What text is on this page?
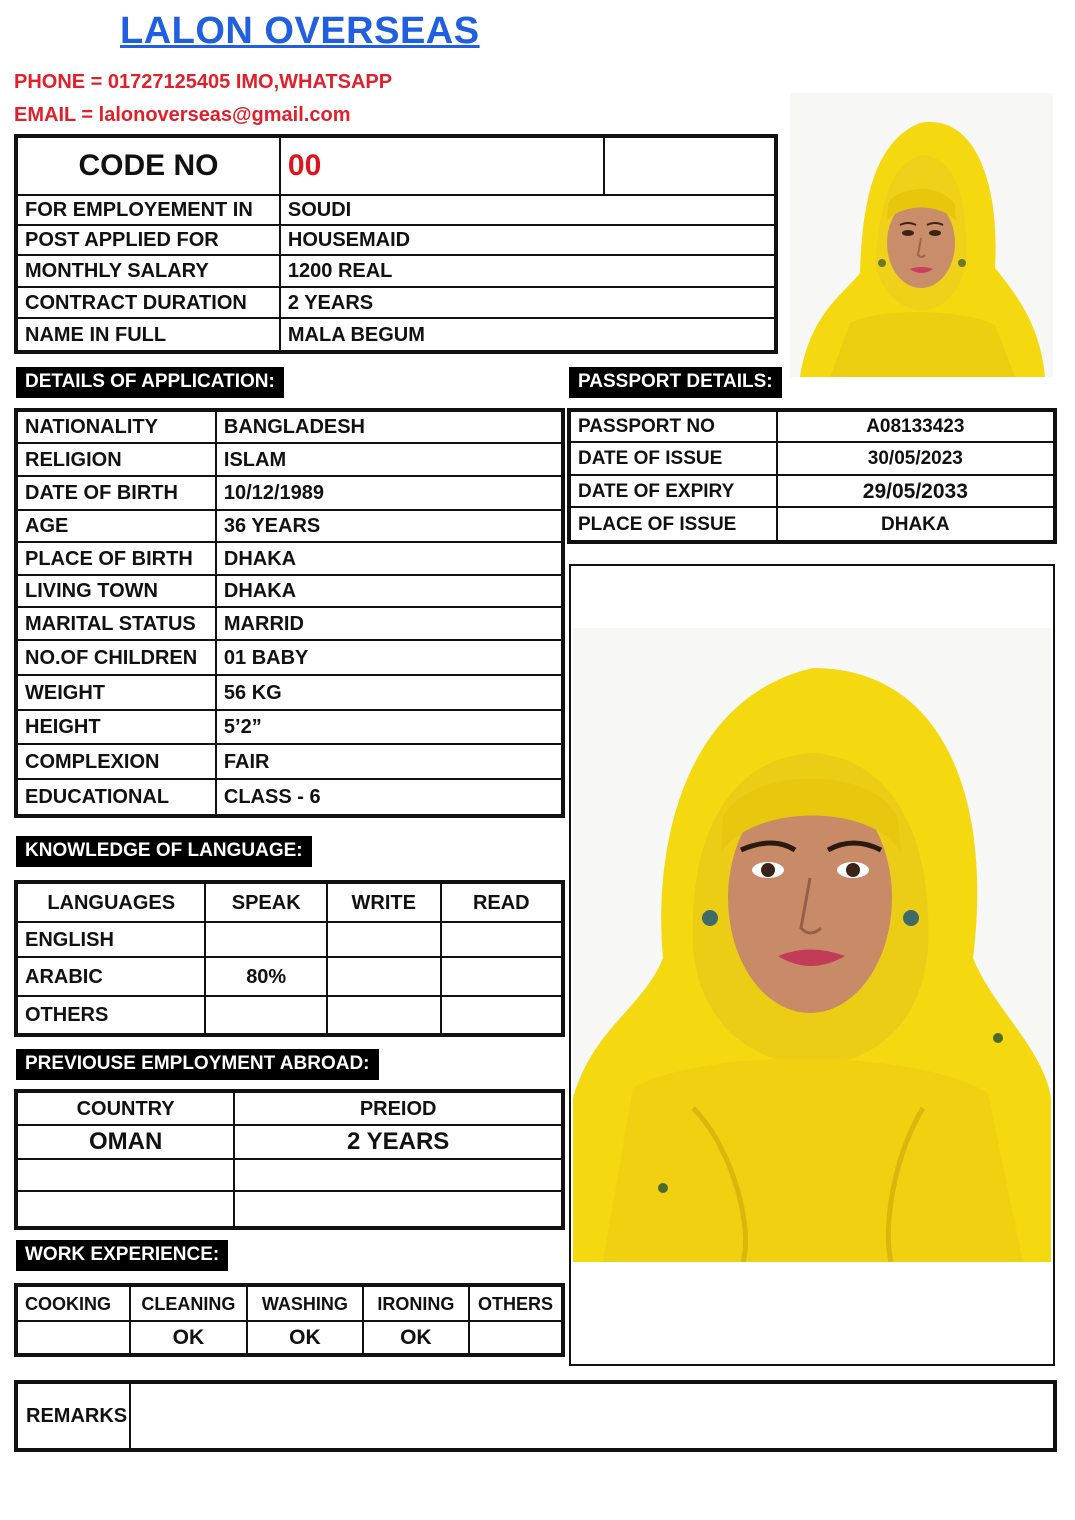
LALON OVERSEAS
PHONE = 01727125405 IMO,WHATSAPP
EMAIL = lalonoverseas@gmail.com
CODE NO	00	
FOR EMPLOYEMENT IN	SOUDI	
POST APPLIED FOR	HOUSEMAID	
MONTHLY SALARY	1200 REAL	
CONTRACT DURATION	2 YEARS	
NAME IN FULL	MALA BEGUM	
DETAILS OF APPLICATION:
NATIONALITY	BANGLADESH
RELIGION	ISLAM
DATE OF BIRTH	10/12/1989
AGE	36 YEARS
PLACE OF BIRTH	DHAKA
LIVING TOWN	DHAKA
MARITAL STATUS	MARRID
NO.OF CHILDREN	01 BABY
WEIGHT	56 KG
HEIGHT	5’2”
COMPLEXION	FAIR
EDUCATIONAL	CLASS - 6
PASSPORT DETAILS:
PASSPORT NO	A08133423
DATE OF ISSUE	30/05/2023
DATE OF EXPIRY	29/05/2033
PLACE OF ISSUE	DHAKA
KNOWLEDGE OF LANGUAGE:
LANGUAGES	SPEAK	WRITE	READ
ENGLISH			
ARABIC	80%		
OTHERS			
PREVIOUSE EMPLOYMENT ABROAD:
COUNTRY	PREIOD
OMAN	2 YEARS

WORK EXPERIENCE:
COOKING	CLEANING	WASHING	IRONING	OTHERS
	OK	OK	OK	
REMARKS	
